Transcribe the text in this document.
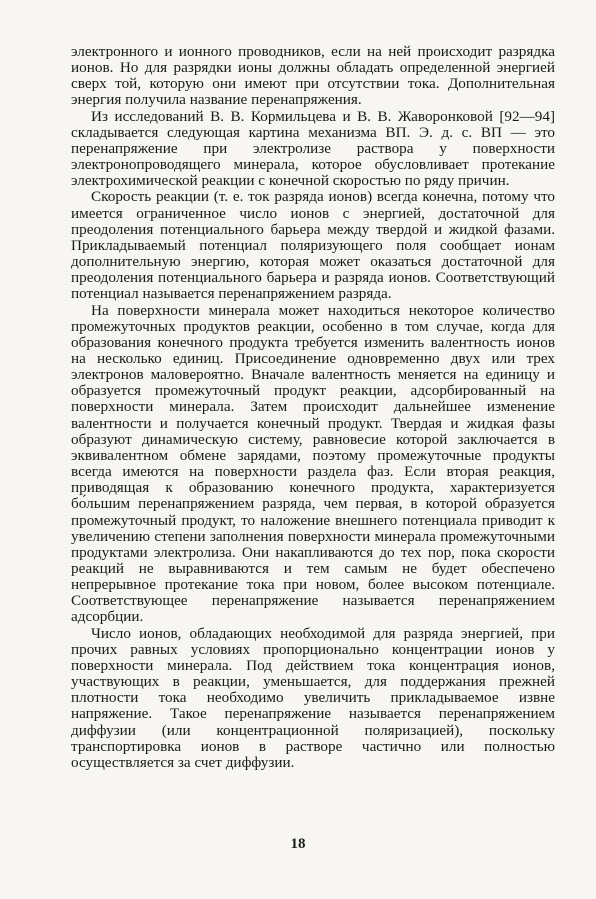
электронного и ионного проводников, если на ней происходит разрядка ионов. Но для разрядки ионы должны обладать определенной энергией сверх той, которую они имеют при отсутствии тока. Дополнительная энергия получила название перенапряжения.

Из исследований В. В. Кормильцева и В. В. Жаворонковой [92—94] складывается следующая картина механизма ВП. Э. д. с. ВП — это перенапряжение при электролизе раствора у поверхности электронопроводящего минерала, которое обусловливает протекание электрохимической реакции с конечной скоростью по ряду причин.

Скорость реакции (т. е. ток разряда ионов) всегда конечна, потому что имеется ограниченное число ионов с энергией, достаточной для преодоления потенциального барьера между твердой и жидкой фазами. Прикладываемый потенциал поляризующего поля сообщает ионам дополнительную энергию, которая может оказаться достаточной для преодоления потенциального барьера и разряда ионов. Соответствующий потенциал называется перенапряжением разряда.

На поверхности минерала может находиться некоторое количество промежуточных продуктов реакции, особенно в том случае, когда для образования конечного продукта требуется изменить валентность ионов на несколько единиц. Присоединение одновременно двух или трех электронов маловероятно. Вначале валентность меняется на единицу и образуется промежуточный продукт реакции, адсорбированный на поверхности минерала. Затем происходит дальнейшее изменение валентности и получается конечный продукт. Твердая и жидкая фазы образуют динамическую систему, равновесие которой заключается в эквивалентном обмене зарядами, поэтому промежуточные продукты всегда имеются на поверхности раздела фаз. Если вторая реакция, приводящая к образованию конечного продукта, характеризуется бо́льшим перенапряжением разряда, чем первая, в которой образуется промежуточный продукт, то наложение внешнего потенциала приводит к увеличению степени заполнения поверхности минерала промежуточными продуктами электролиза. Они накапливаются до тех пор, пока скорости реакций не выравниваются и тем самым не будет обеспечено непрерывное протекание тока при новом, более высоком потенциале. Соответствующее перенапряжение называется перенапряжением адсорбции.

Число ионов, обладающих необходимой для разряда энергией, при прочих равных условиях пропорционально концентрации ионов у поверхности минерала. Под действием тока концентрация ионов, участвующих в реакции, уменьшается, для поддержания прежней плотности тока необходимо увеличить прикладываемое извне напряжение. Такое перенапряжение называется перенапряжением диффузии (или концентрационной поляризацией), поскольку транспортировка ионов в растворе частично или полностью осуществляется за счет диффузии.

18
